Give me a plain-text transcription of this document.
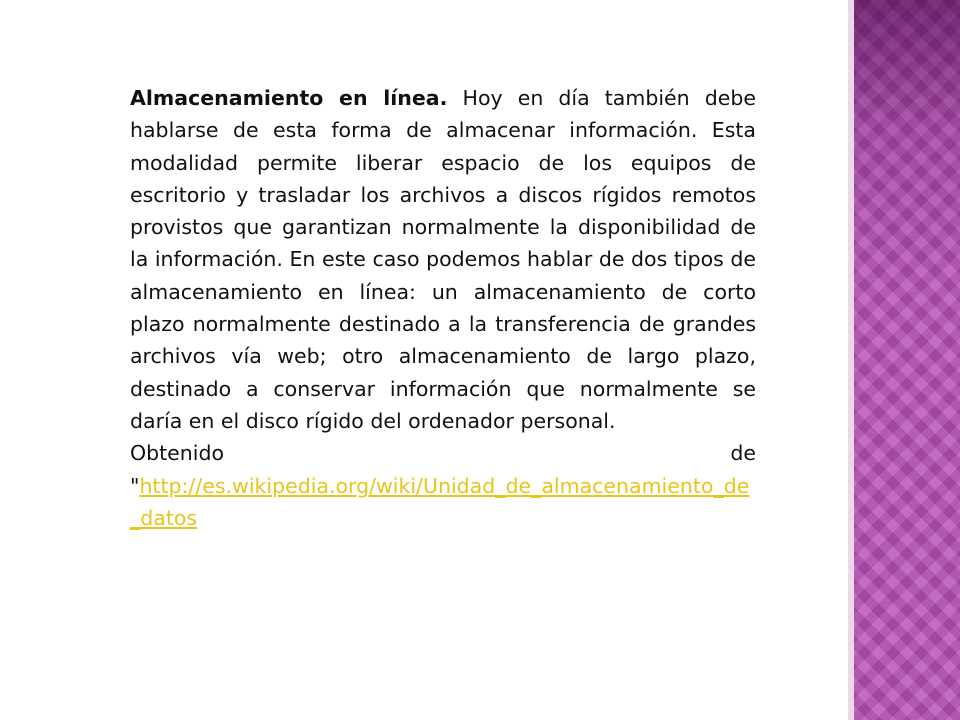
Almacenamiento en línea. Hoy en día también debe hablarse de esta forma de almacenar información. Esta modalidad permite liberar espacio de los equipos de escritorio y trasladar los archivos a discos rígidos remotos provistos que garantizan normalmente la disponibilidad de la información. En este caso podemos hablar de dos tipos de almacenamiento en línea: un almacenamiento de corto plazo normalmente destinado a la transferencia de grandes archivos vía web; otro almacenamiento de largo plazo, destinado a conservar información que normalmente se daría en el disco rígido del ordenador personal.

Obtenido	de

"http://es.wikipedia.org/wiki/Unidad_de_almacenamiento_de_datos
